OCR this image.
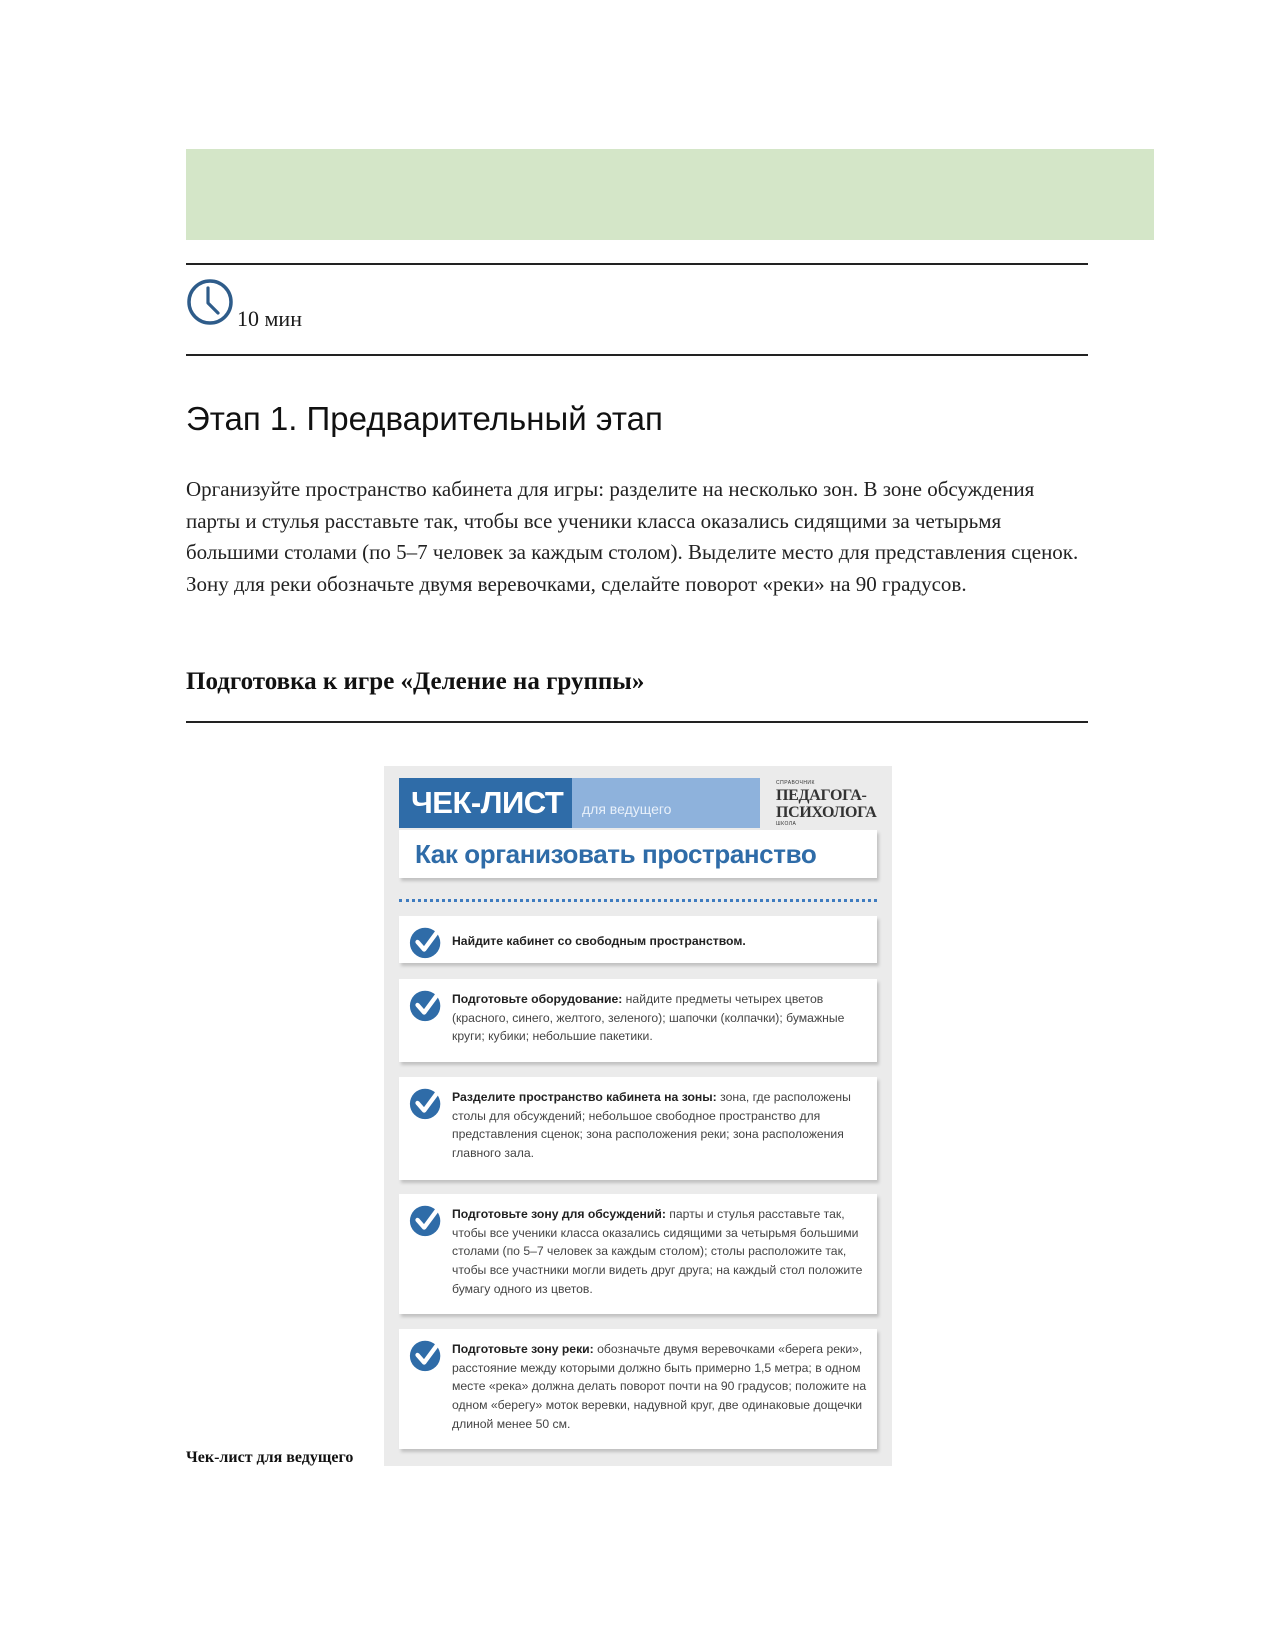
10 мин
Этап 1. Предварительный этап

Организуйте пространство кабинета для игры: разделите на несколько зон. В зоне обсуждения парты и стулья расставьте так, чтобы все ученики класса оказались сидящими за четырьмя большими столами (по 5–7 человек за каждым столом). Выделите место для представления сценок. Зону для реки обозначьте двумя веревочками, сделайте поворот «реки» на 90 градусов.

Подготовка к игре «Деление на группы»
ЧЕК-ЛИСТ	для ведущего
СПРАВОЧНИК
ПЕДАГОГА-
ПСИХОЛОГА
ШКОЛА
Как организовать пространство
Найдите кабинет со свободным пространством.
Подготовьте оборудование: найдите предметы четырех цветов (красного, синего, желтого, зеленого); шапочки (колпачки); бумажные круги; кубики; небольшие пакетики.
Разделите пространство кабинета на зоны: зона, где расположены столы для обсуждений; небольшое свободное пространство для представления сценок; зона расположения реки; зона расположения главного зала.
Подготовьте зону для обсуждений: парты и стулья расставьте так, чтобы все ученики класса оказались сидящими за четырьмя большими столами (по 5–7 человек за каждым столом); столы расположите так, чтобы все участники могли видеть друг друга; на каждый стол положите бумагу одного из цветов.
Подготовьте зону реки: обозначьте двумя веревочками «берега реки», расстояние между которыми должно быть примерно 1,5 метра; в одном месте «река» должна делать поворот почти на 90 градусов; положите на одном «берегу» моток веревки, надувной круг, две одинаковые дощечки длиной менее 50 см.
Чек-лист для ведущего
